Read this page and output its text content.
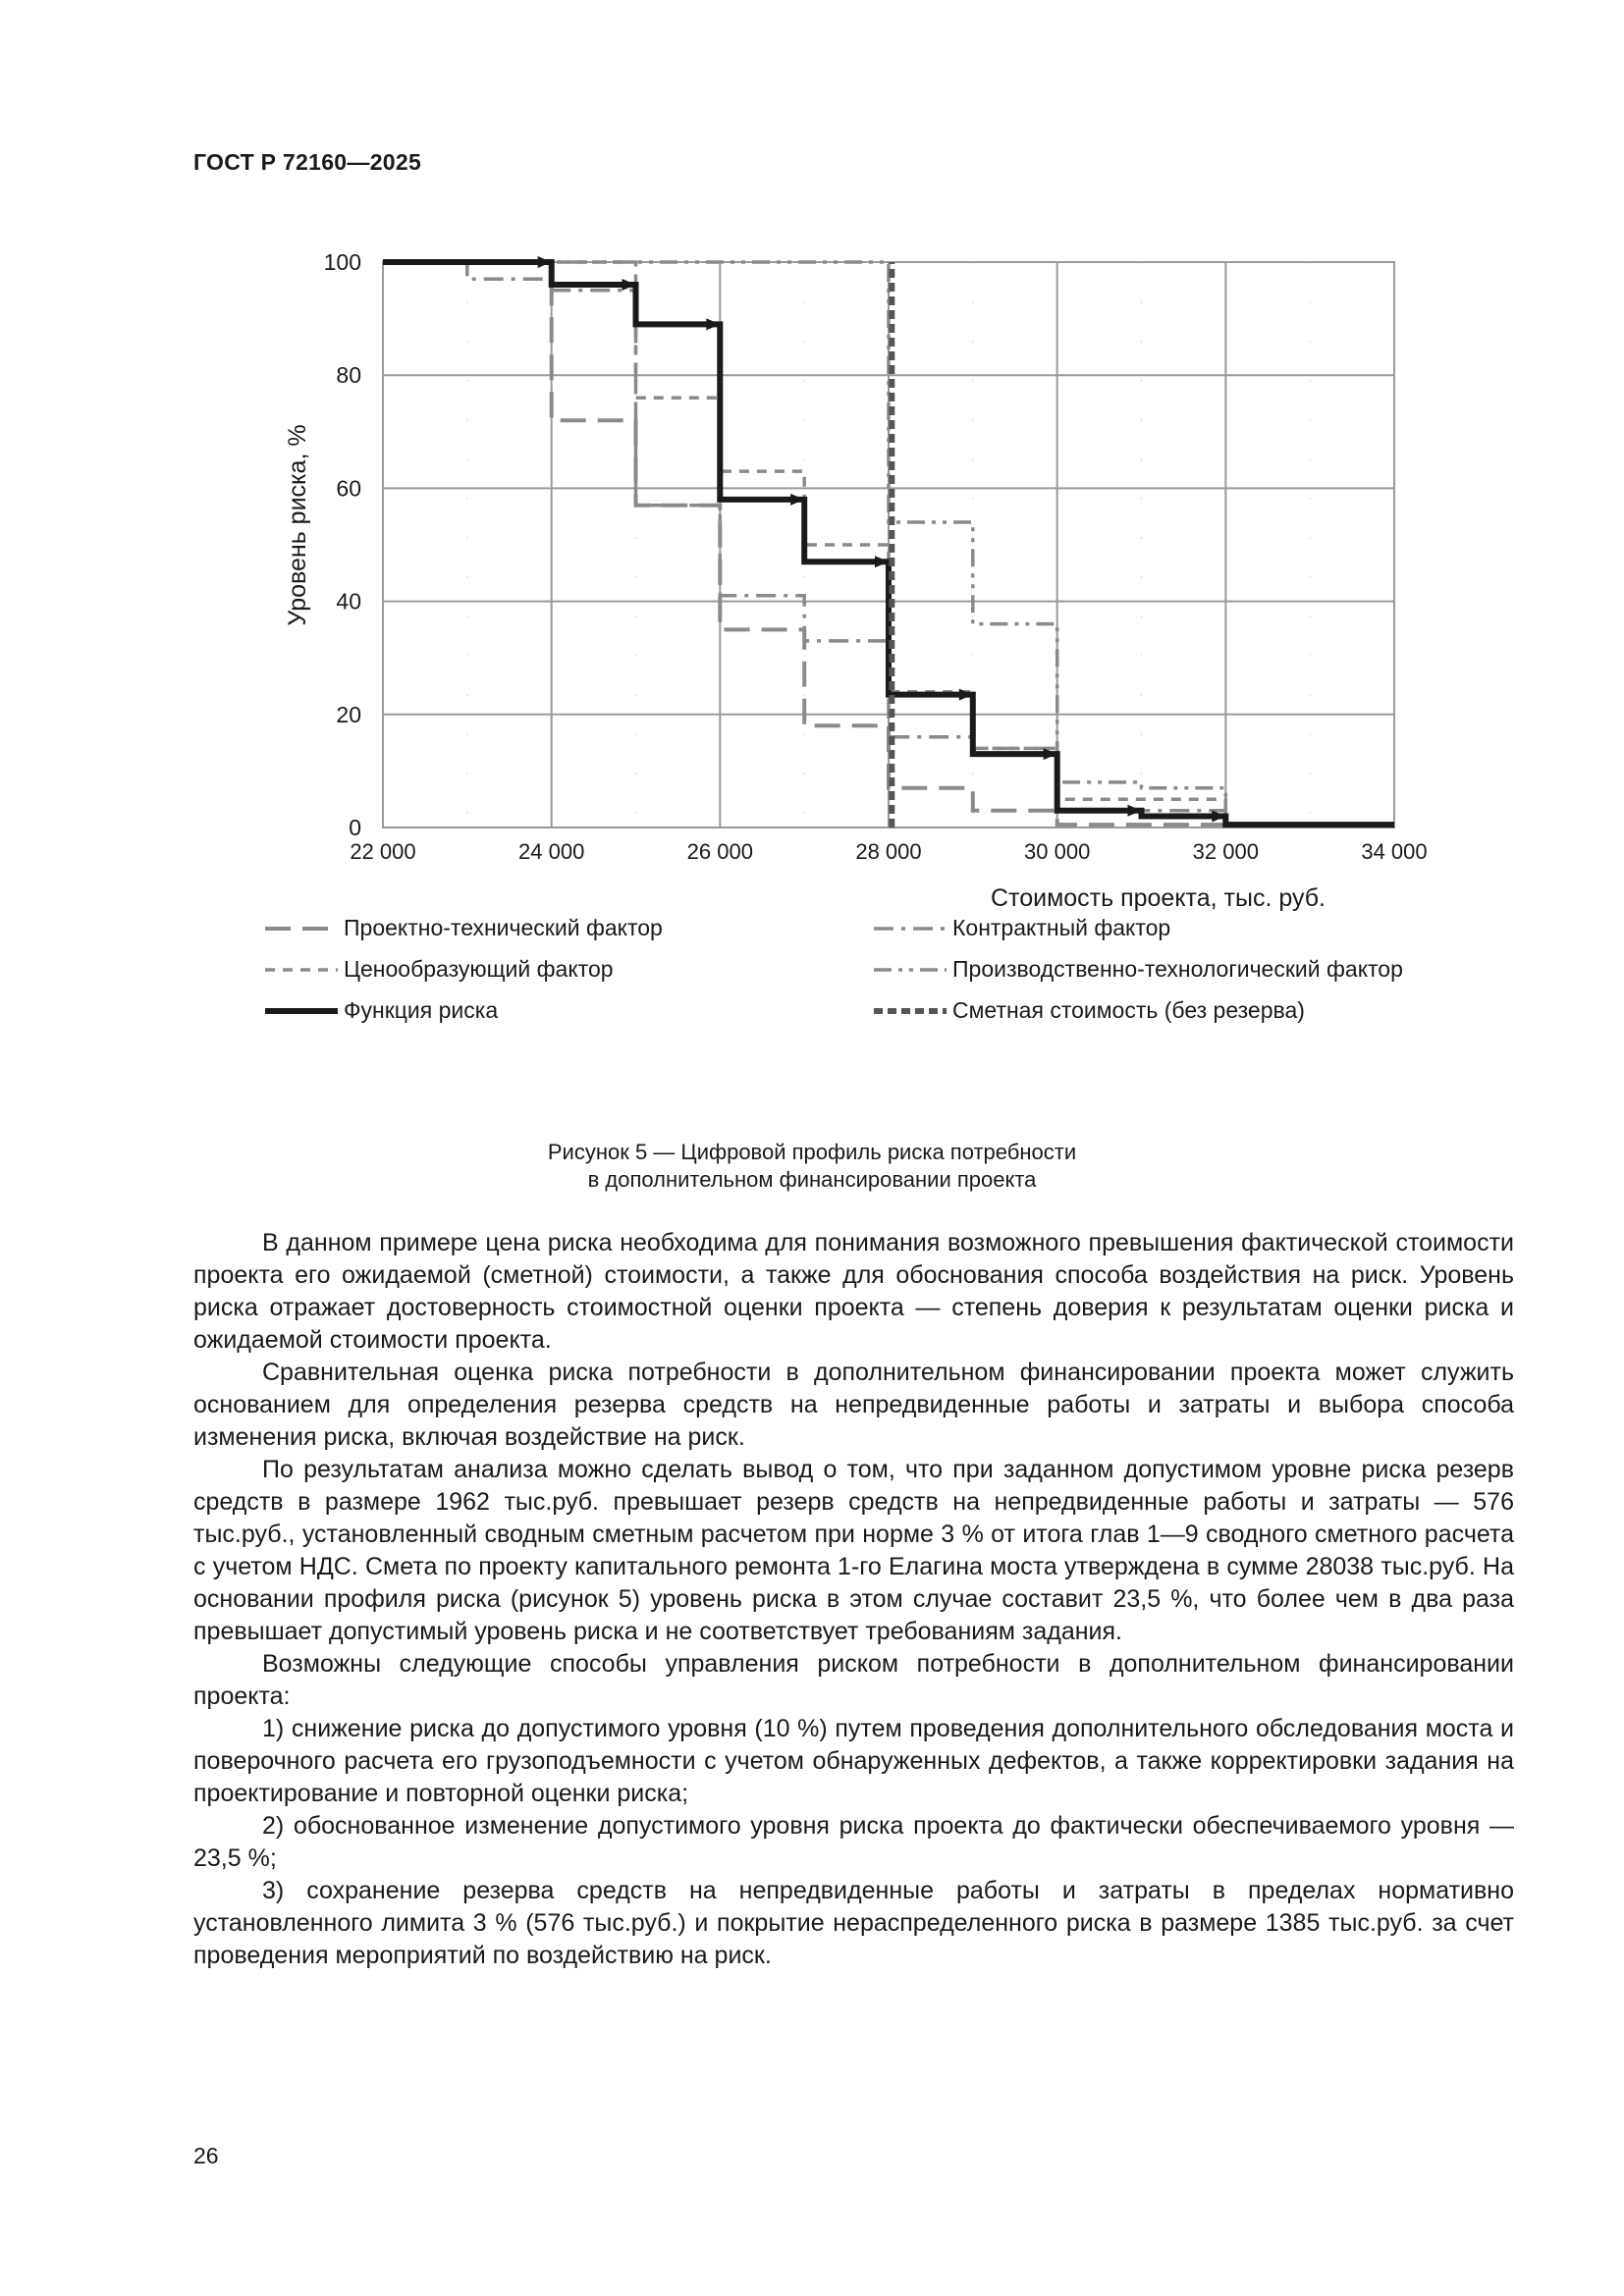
ГОСТ Р 72160—2025
0
20
40
60
80
100
22 000	24 000	26 000	28 000	30 000	32 000	34 000
Стоимость проекта, тыс. руб.
Уровень риска, %
Проектно-технический фактор	Контрактный фактор
Ценообразующий фактор	Производственно-технологический фактор
Функция риска	Сметная стоимость (без резерва)
Рисунок 5 — Цифровой профиль риска потребности
в дополнительном финансировании проекта

В данном примере цена риска необходима для понимания возможного превышения фактической стоимости проекта его ожидаемой (сметной) стоимости, а также для обоснования способа воздействия на риск. Уровень риска отражает достоверность стоимостной оценки проекта — степень доверия к результатам оценки риска и ожидаемой стоимости проекта.

Сравнительная оценка риска потребности в дополнительном финансировании проекта может служить основанием для определения резерва средств на непредвиденные работы и затраты и выбора способа изменения риска, включая воздействие на риск.

По результатам анализа можно сделать вывод о том, что при заданном допустимом уровне риска резерв средств в размере 1962 тыс.руб. превышает резерв средств на непредвиденные работы и затраты — 576 тыс.руб., установленный сводным сметным расчетом при норме 3 % от итога глав 1—9 сводного сметного расчета с учетом НДС. Смета по проекту капитального ремонта 1-го Елагина моста утверждена в сумме 28038 тыс.руб. На основании профиля риска (рисунок 5) уровень риска в этом случае составит 23,5 %, что более чем в два раза превышает допустимый уровень риска и не соответствует требованиям задания.

Возможны следующие способы управления риском потребности в дополнительном финансировании проекта:

1) снижение риска до допустимого уровня (10 %) путем проведения дополнительного обследования моста и поверочного расчета его грузоподъемности с учетом обнаруженных дефектов, а также корректировки задания на проектирование и повторной оценки риска;

2) обоснованное изменение допустимого уровня риска проекта до фактически обеспечиваемого уровня — 23,5 %;

3) сохранение резерва средств на непредвиденные работы и затраты в пределах нормативно установленного лимита 3 % (576 тыс.руб.) и покрытие нераспределенного риска в размере 1385 тыс.руб. за счет проведения мероприятий по воздействию на риск.

26
